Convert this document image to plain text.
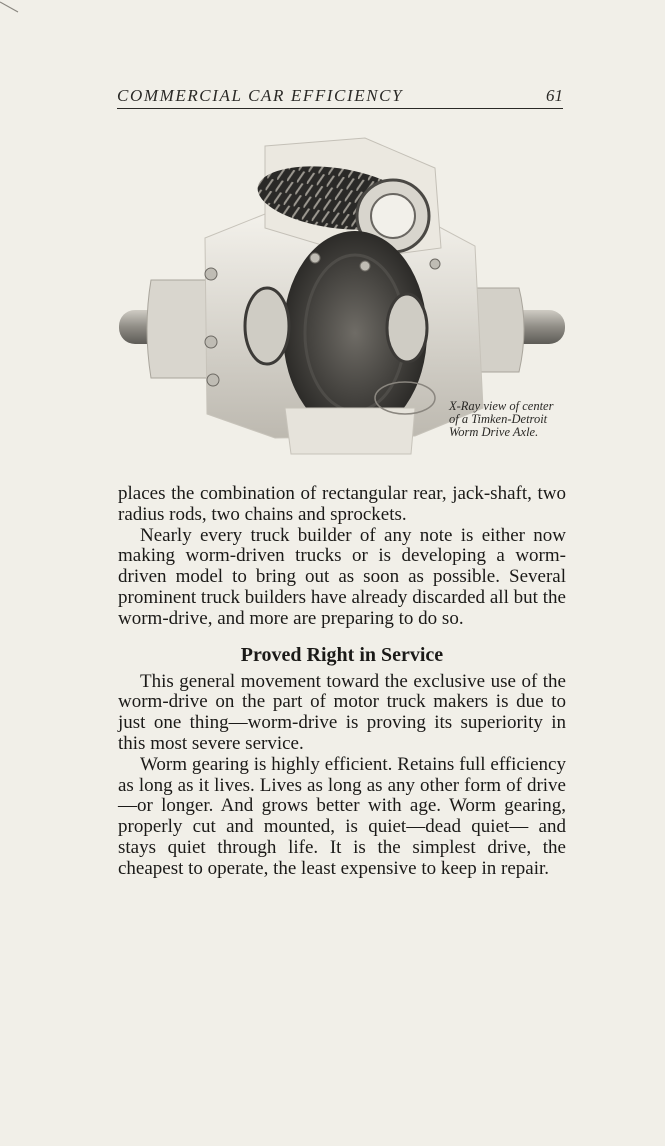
COMMERCIAL CAR EFFICIENCY	61
X-Ray view of center
of a Timken-Detroit
Worm Drive Axle.

places the combination of rectangular rear, jack-shaft, two radius rods, two chains and sprockets.

Nearly every truck builder of any note is either now making worm-driven trucks or is developing a worm-driven model to bring out as soon as possible. Several prominent truck builders have already discarded all but the worm-drive, and more are preparing to do so.

Proved Right in Service

This general movement toward the exclusive use of the worm-drive on the part of motor truck makers is due to just one thing—worm-drive is proving its superiority in this most severe service.

Worm gearing is highly efficient. Retains full efficiency as long as it lives. Lives as long as any other form of drive—or longer. And grows better with age. Worm gearing, properly cut and mounted, is quiet—dead quiet— and stays quiet through life. It is the simplest drive, the cheapest to operate, the least expensive to keep in repair.
